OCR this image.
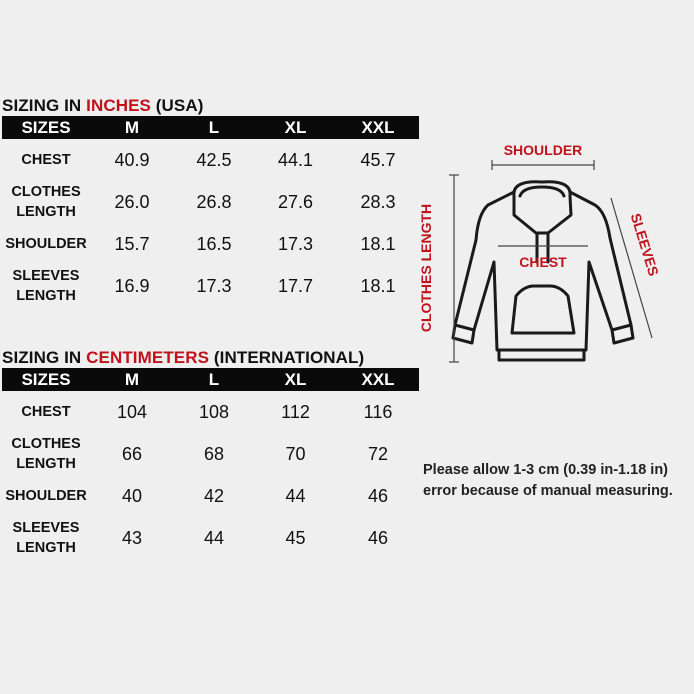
SIZING IN INCHES (USA)
SIZES	M	L	XL	XXL
CHEST	40.9	42.5	44.1	45.7
CLOTHES
LENGTH
26.0	26.8	27.6	28.3
SHOULDER	15.7	16.5	17.3	18.1
SLEEVES
LENGTH
16.9	17.3	17.7	18.1
SIZING IN CENTIMETERS (INTERNATIONAL)
SIZES	M	L	XL	XXL
CHEST	104	108	112	116
CLOTHES
LENGTH
66	68	70	72
SHOULDER	40	42	44	46
SLEEVES
LENGTH
43	44	45	46
SHOULDER
CHEST	SLEEVES
CLOTHES LENGTH
Please allow 1-3 cm (0.39 in-1.18 in)
error because of manual measuring.
